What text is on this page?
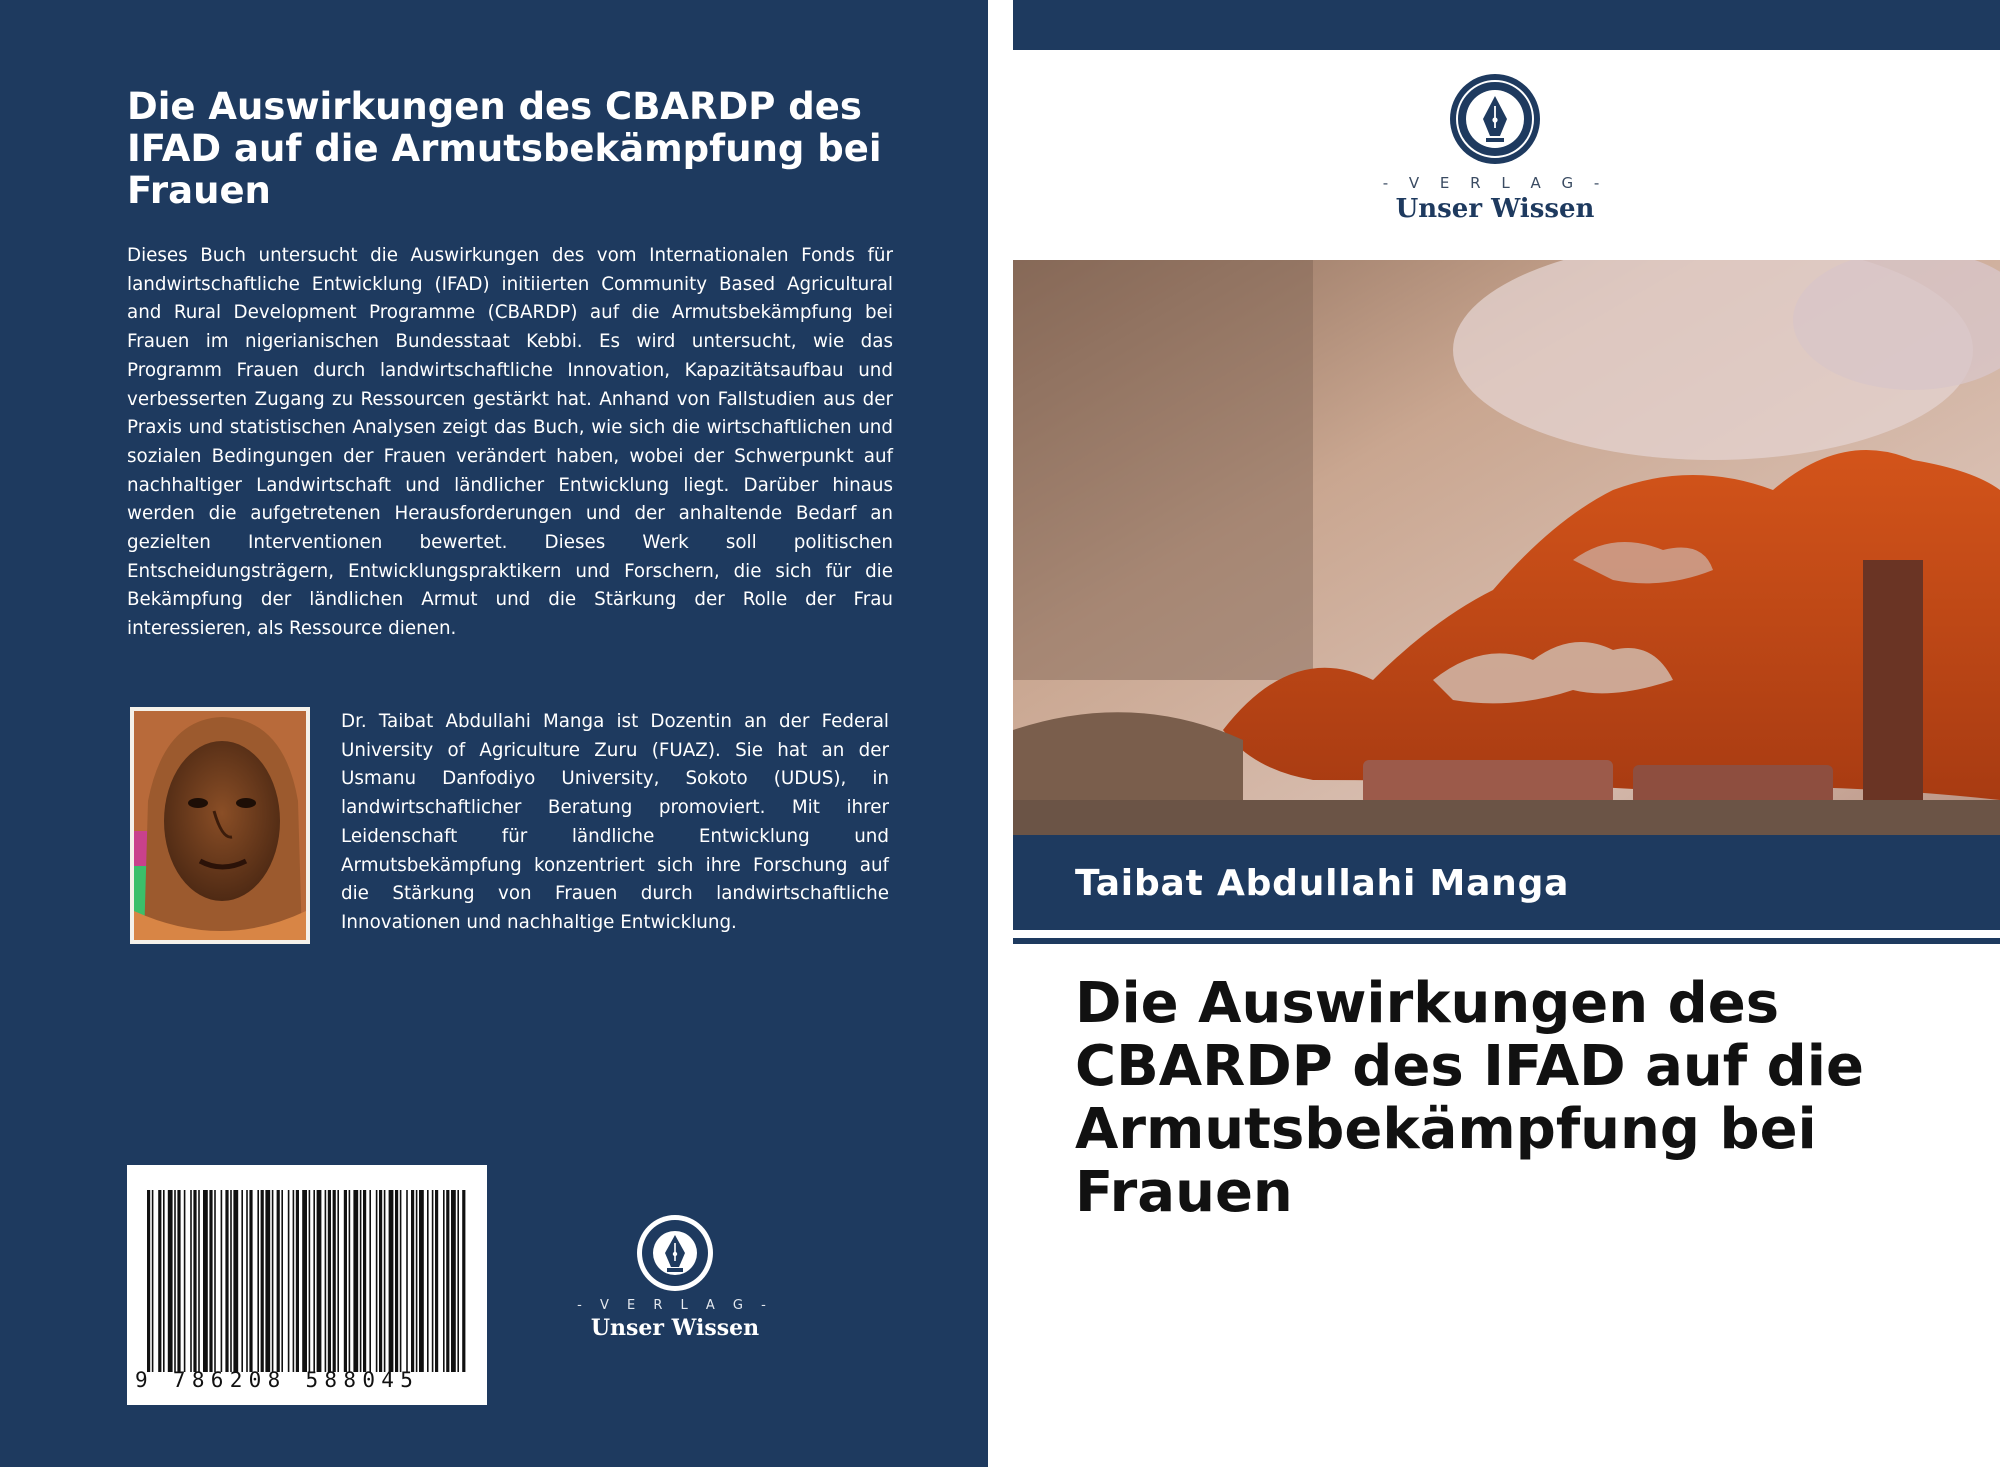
Die Auswirkungen des CBARDP des IFAD auf die Armutsbekämpfung bei Frauen

Dieses Buch untersucht die Auswirkungen des vom Internationalen Fonds für landwirtschaftliche Entwicklung (IFAD) initiierten Community Based Agricultural and Rural Development Programme (CBARDP) auf die Armutsbekämpfung bei Frauen im nigerianischen Bundesstaat Kebbi. Es wird untersucht, wie das Programm Frauen durch landwirtschaftliche Innovation, Kapazitätsaufbau und verbesserten Zugang zu Ressourcen gestärkt hat. Anhand von Fallstudien aus der Praxis und statistischen Analysen zeigt das Buch, wie sich die wirtschaftlichen und sozialen Bedingungen der Frauen verändert haben, wobei der Schwerpunkt auf nachhaltiger Landwirtschaft und ländlicher Entwicklung liegt. Darüber hinaus werden die aufgetretenen Herausforderungen und der anhaltende Bedarf an gezielten Interventionen bewertet. Dieses Werk soll politischen Entscheidungsträgern, Entwicklungspraktikern und Forschern, die sich für die Bekämpfung der ländlichen Armut und die Stärkung der Rolle der Frau interessieren, als Ressource dienen.

Dr. Taibat Abdullahi Manga ist Dozentin an der Federal University of Agriculture Zuru (FUAZ). Sie hat an der Usmanu Danfodiyo University, Sokoto (UDUS), in landwirtschaftlicher Beratung promoviert. Mit ihrer Leidenschaft für ländliche Entwicklung und Armutsbekämpfung konzentriert sich ihre Forschung auf die Stärkung von Frauen durch landwirtschaftliche Innovationen und nachhaltige Entwicklung.

9 786208 588045
- V E R L A G -
Unser Wissen
- V E R L A G -
Unser Wissen
Taibat Abdullahi Manga
Die Auswirkungen des CBARDP des IFAD auf die Armutsbekämpfung bei Frauen
